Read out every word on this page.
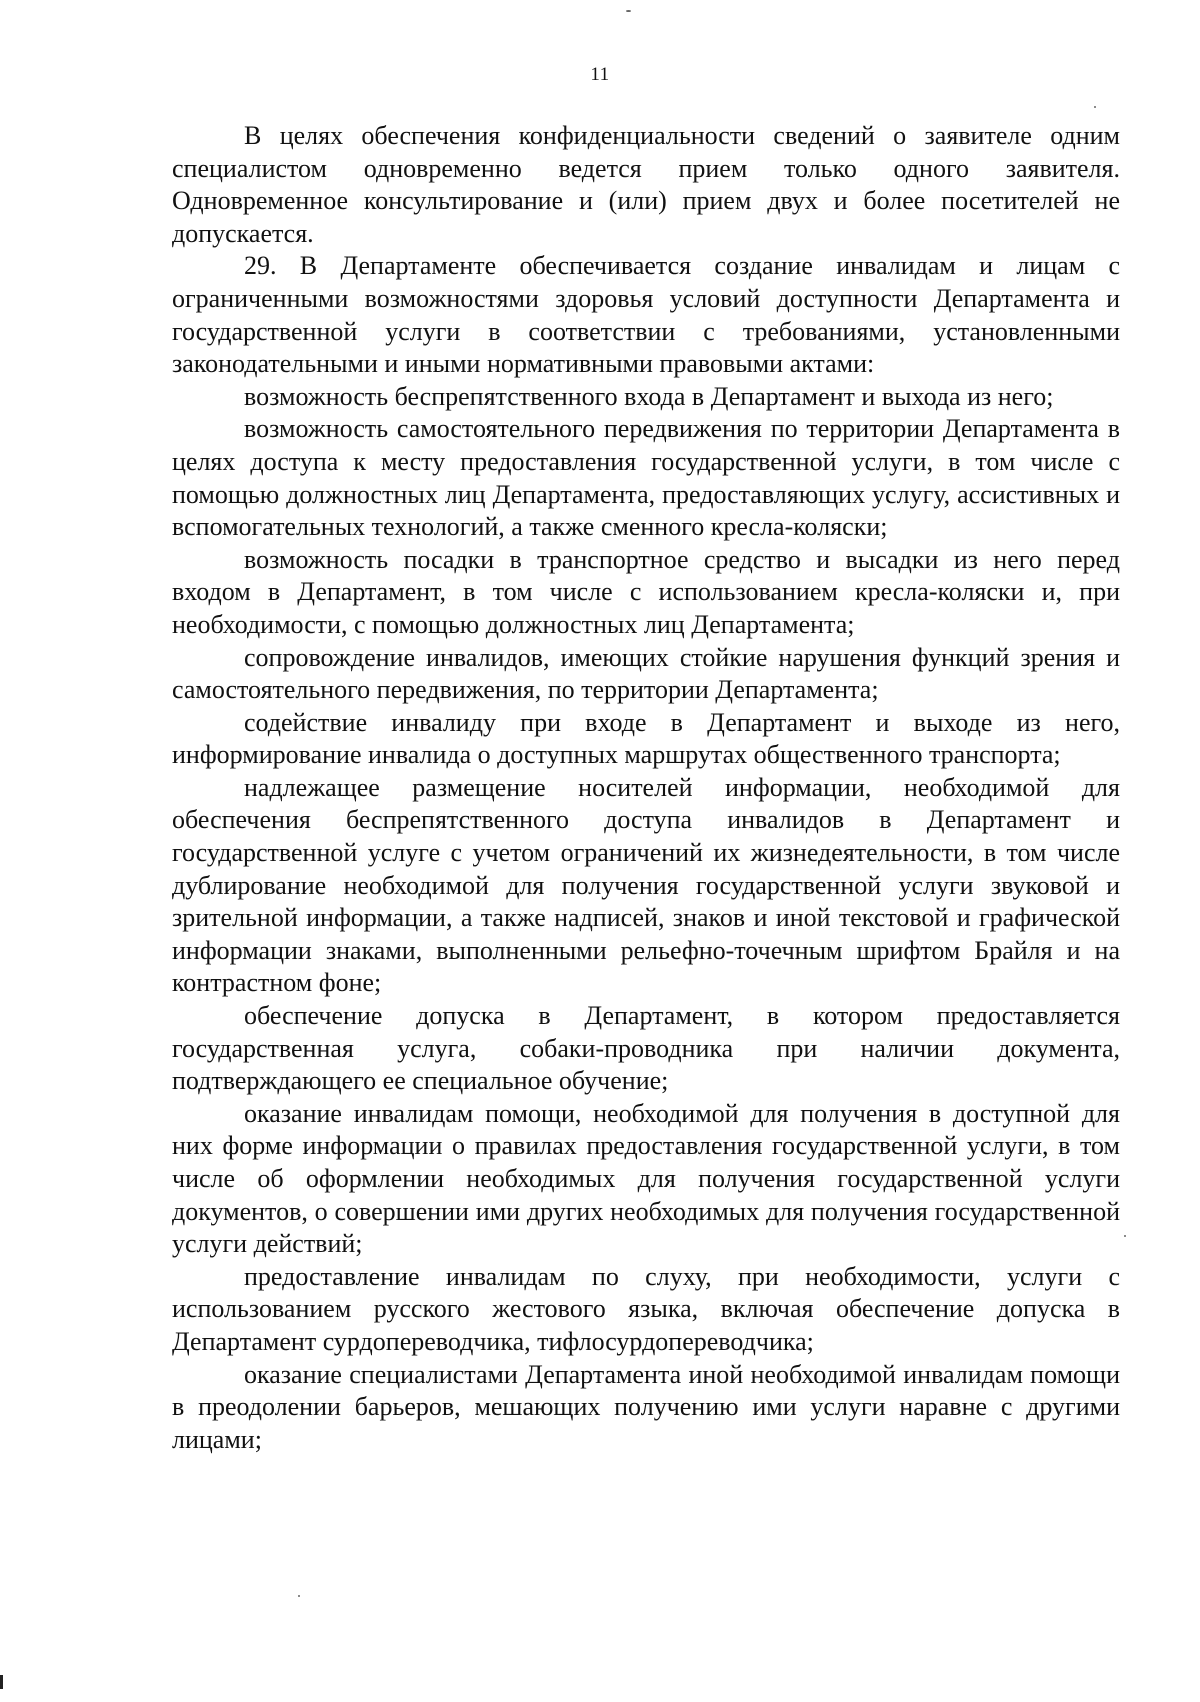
11

В целях обеспечения конфиденциальности сведений о заявителе одним специалистом одновременно ведется прием только одного заявителя. Одновременное консультирование и (или) прием двух и более посетителей не допускается.

29. В Департаменте обеспечивается создание инвалидам и лицам с ограниченными возможностями здоровья условий доступности Департамента и государственной услуги в соответствии с требованиями, установленными законодательными и иными нормативными правовыми актами:

возможность беспрепятственного входа в Департамент и выхода из него;

возможность самостоятельного передвижения по территории Департамента в целях доступа к месту предоставления государственной услуги, в том числе с помощью должностных лиц Департамента, предоставляющих услугу, ассистивных и вспомогательных технологий, а также сменного кресла-коляски;

возможность посадки в транспортное средство и высадки из него перед входом в Департамент, в том числе с использованием кресла-коляски и, при необходимости, с помощью должностных лиц Департамента;

сопровождение инвалидов, имеющих стойкие нарушения функций зрения и самостоятельного передвижения, по территории Департамента;

содействие инвалиду при входе в Департамент и выходе из него, информирование инвалида о доступных маршрутах общественного транспорта;

надлежащее размещение носителей информации, необходимой для обеспечения беспрепятственного доступа инвалидов в Департамент и государственной услуге с учетом ограничений их жизнедеятельности, в том числе дублирование необходимой для получения государственной услуги звуковой и зрительной информации, а также надписей, знаков и иной текстовой и графической информации знаками, выполненными рельефно-точечным шрифтом Брайля и на контрастном фоне;

обеспечение допуска в Департамент, в котором предоставляется государственная услуга, собаки-проводника при наличии документа, подтверждающего ее специальное обучение;

оказание инвалидам помощи, необходимой для получения в доступной для них форме информации о правилах предоставления государственной услуги, в том числе об оформлении необходимых для получения государственной услуги документов, о совершении ими других необходимых для получения государственной услуги действий;

предоставление инвалидам по слуху, при необходимости, услуги с использованием русского жестового языка, включая обеспечение допуска в Департамент сурдопереводчика, тифлосурдопереводчика;

оказание специалистами Департамента иной необходимой инвалидам помощи в преодолении барьеров, мешающих получению ими услуги наравне с другими лицами;
